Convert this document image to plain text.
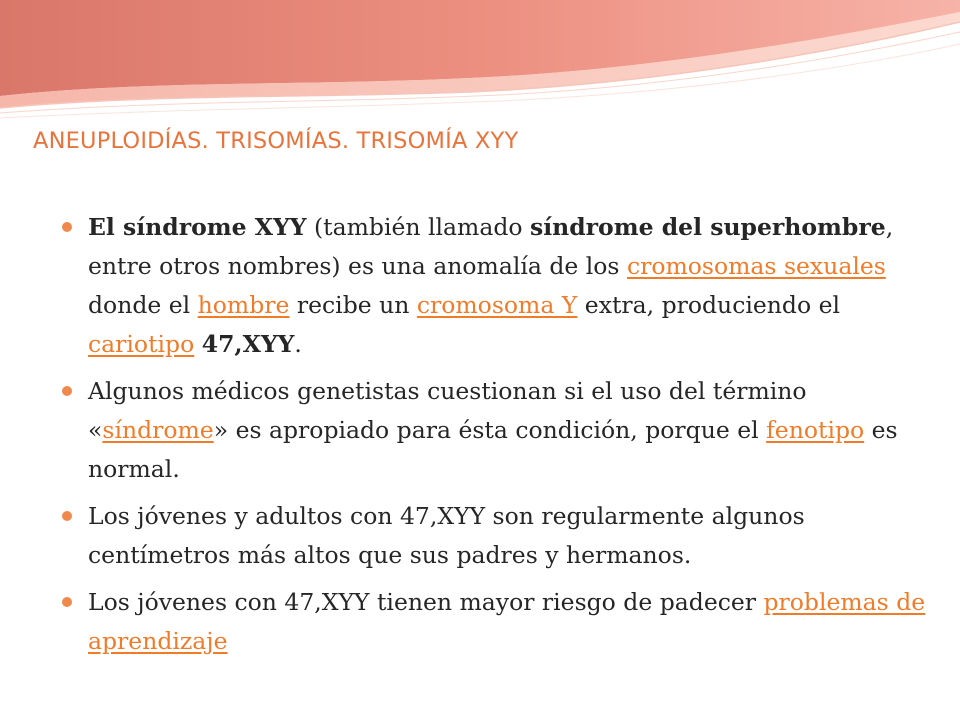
ANEUPLOIDÍAS. TRISOMÍAS. TRISOMÍA XYY
El síndrome XYY (también llamado síndrome del superhombre, entre otros nombres) es una anomalía de los cromosomas sexuales donde el hombre recibe un cromosoma Y extra, produciendo el cariotipo 47,XYY.
Algunos médicos genetistas cuestionan si el uso del término «síndrome» es apropiado para ésta condición, porque el fenotipo es normal.
Los jóvenes y adultos con 47,XYY son regularmente algunos centímetros más altos que sus padres y hermanos.
Los jóvenes con 47,XYY tienen mayor riesgo de padecer problemas de aprendizaje
